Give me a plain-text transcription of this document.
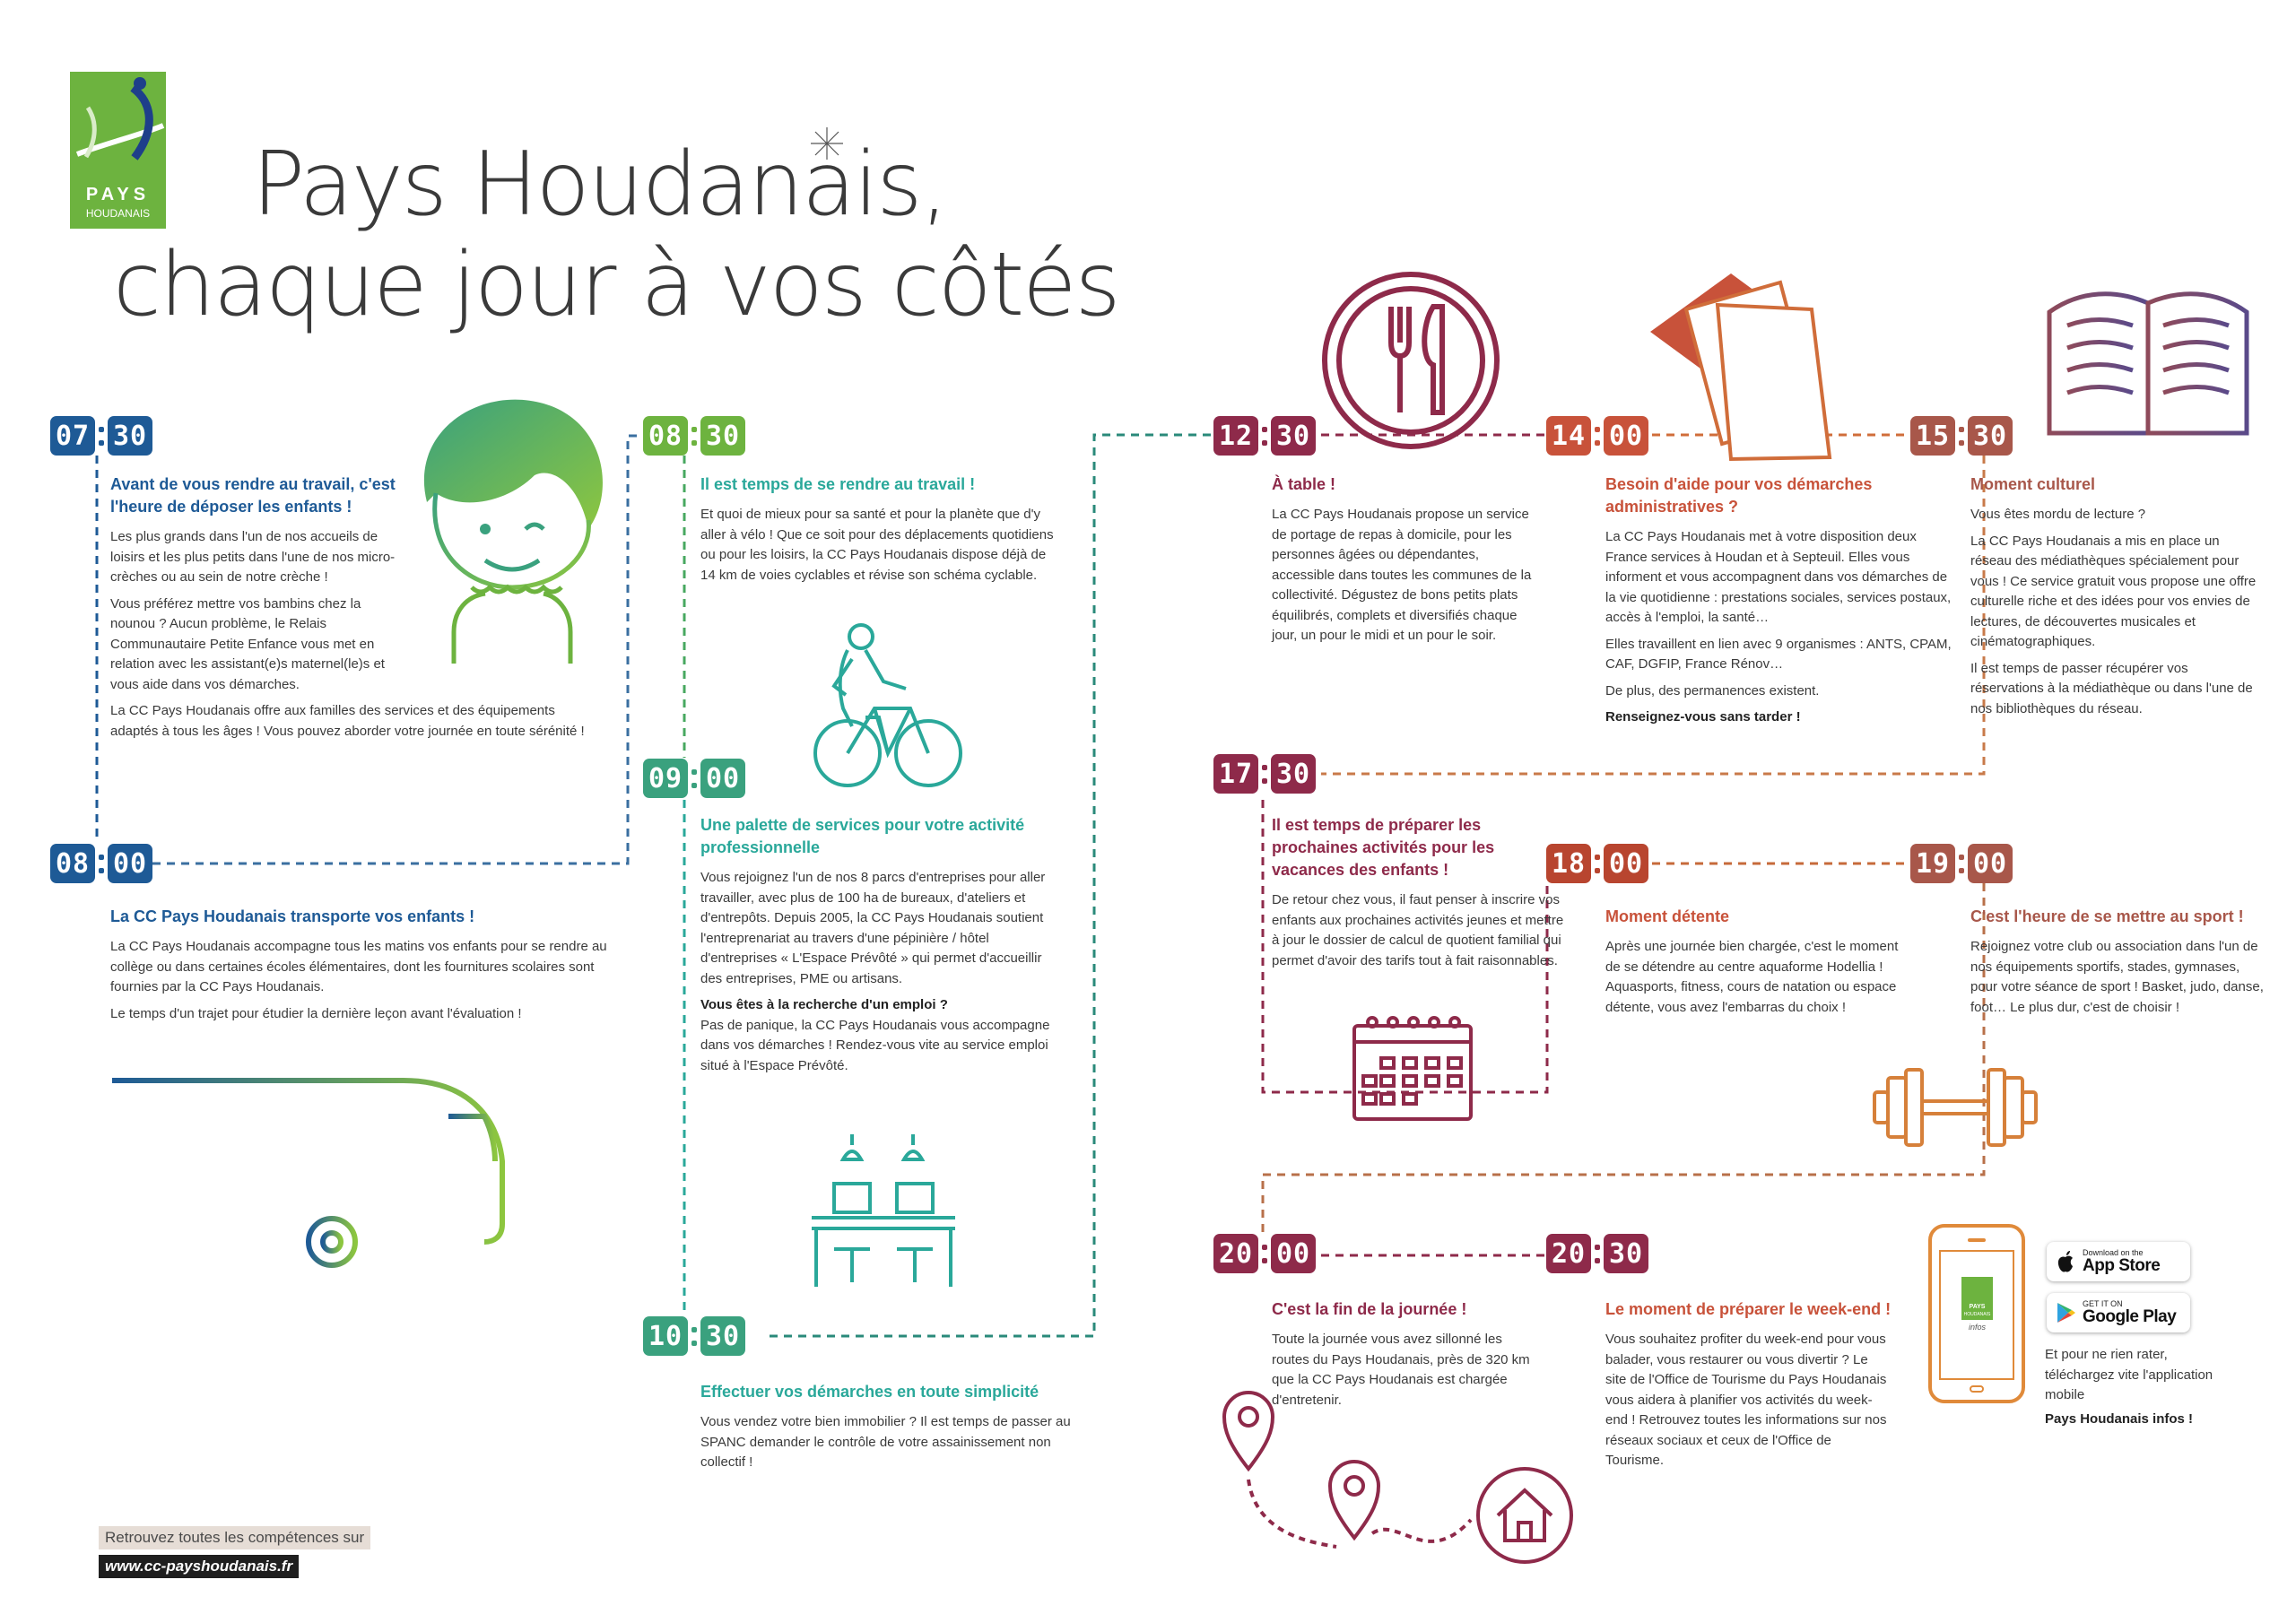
PAYS
HOUDANAIS Pays Houdanais,
chaque jour à vos côtés
07 30
08 00
08 30
09 00
10 30
12 30	14 00	15 30
17 30
18 00	19 00
20 00	20 30
Avant de vous rendre au travail, c'est l'heure de déposer les enfants !

Les plus grands dans l'un de nos accueils de loisirs et les plus petits dans l'une de nos micro-crèches ou au sein de notre crèche !

Vous préférez mettre vos bambins chez la nounou ? Aucun problème, le Relais Communautaire Petite Enfance vous met en relation avec les assistant(e)s maternel(le)s et vous aide dans vos démarches.

La CC Pays Houdanais offre aux familles des services et des équipements adaptés à tous les âges ! Vous pouvez aborder votre journée en toute sérénité !

La CC Pays Houdanais transporte vos enfants !

La CC Pays Houdanais accompagne tous les matins vos enfants pour se rendre au collège ou dans certaines écoles élémentaires, dont les fournitures scolaires sont fournies par la CC Pays Houdanais.

Le temps d'un trajet pour étudier la dernière leçon avant l'évaluation !

Il est temps de se rendre au travail !

Et quoi de mieux pour sa santé et pour la planète que d'y aller à vélo ! Que ce soit pour des déplacements quotidiens ou pour les loisirs, la CC Pays Houdanais dispose déjà de 14 km de voies cyclables et révise son schéma cyclable.

Une palette de services pour votre activité professionnelle

Vous rejoignez l'un de nos 8 parcs d'entreprises pour aller travailler, avec plus de 100 ha de bureaux, d'ateliers et d'entrepôts. Depuis 2005, la CC Pays Houdanais soutient l'entreprenariat au travers d'une pépinière / hôtel d'entreprises « L'Espace Prévôté » qui permet d'accueillir des entreprises, PME ou artisans.

Vous êtes à la recherche d'un emploi ?

Pas de panique, la CC Pays Houdanais vous accompagne dans vos démarches ! Rendez-vous vite au service emploi situé à l'Espace Prévôté.

Effectuer vos démarches en toute simplicité

Vous vendez votre bien immobilier ? Il est temps de passer au SPANC demander le contrôle de votre assainissement non collectif !

À table !

La CC Pays Houdanais propose un service de portage de repas à domicile, pour les personnes âgées ou dépendantes, accessible dans toutes les communes de la collectivité. Dégustez de bons petits plats équilibrés, complets et diversifiés chaque jour, un pour le midi et un pour le soir.

Besoin d'aide pour vos démarches administratives ?

La CC Pays Houdanais met à votre disposition deux France services à Houdan et à Septeuil. Elles vous informent et vous accompagnent dans vos démarches de la vie quotidienne : prestations sociales, services postaux, accès à l'emploi, la santé…

Elles travaillent en lien avec 9 organismes : ANTS, CPAM, CAF, DGFIP, France Rénov…

De plus, des permanences existent.

Renseignez-vous sans tarder !

Moment culturel

Vous êtes mordu de lecture ?

La CC Pays Houdanais a mis en place un réseau des médiathèques spécialement pour vous ! Ce service gratuit vous propose une offre culturelle riche et des idées pour vos envies de lectures, de découvertes musicales et cinématographiques.

Il est temps de passer récupérer vos réservations à la médiathèque ou dans l'une de nos bibliothèques du réseau.

Il est temps de préparer les prochaines activités pour les vacances des enfants !

De retour chez vous, il faut penser à inscrire vos enfants aux prochaines activités jeunes et mettre à jour le dossier de calcul de quotient familial qui permet d'avoir des tarifs tout à fait raisonnables.

Moment détente

Après une journée bien chargée, c'est le moment de se détendre au centre aquaforme Hodellia ! Aquasports, fitness, cours de natation ou espace détente, vous avez l'embarras du choix !

C'est l'heure de se mettre au sport !

Rejoignez votre club ou association dans l'un de nos équipements sportifs, stades, gymnases, pour votre séance de sport ! Basket, judo, danse, foot… Le plus dur, c'est de choisir !

C'est la fin de la journée !

Toute la journée vous avez sillonné les routes du Pays Houdanais, près de 320 km que la CC Pays Houdanais est chargée d'entretenir.

Le moment de préparer le week-end !

Vous souhaitez profiter du week-end pour vous balader, vous restaurer ou vous divertir ? Le site de l'Office de Tourisme du Pays Houdanais vous aidera à planifier vos activités du week-end ! Retrouvez toutes les informations sur nos réseaux sociaux et ceux de l'Office de Tourisme.

PAYS
HOUDANAIS
infos
Download on the
App Store
GET IT ON
Google Play

Et pour ne rien rater, téléchargez vite l'application mobile

Pays Houdanais infos !

Retrouvez toutes les compétences sur
www.cc-payshoudanais.fr
